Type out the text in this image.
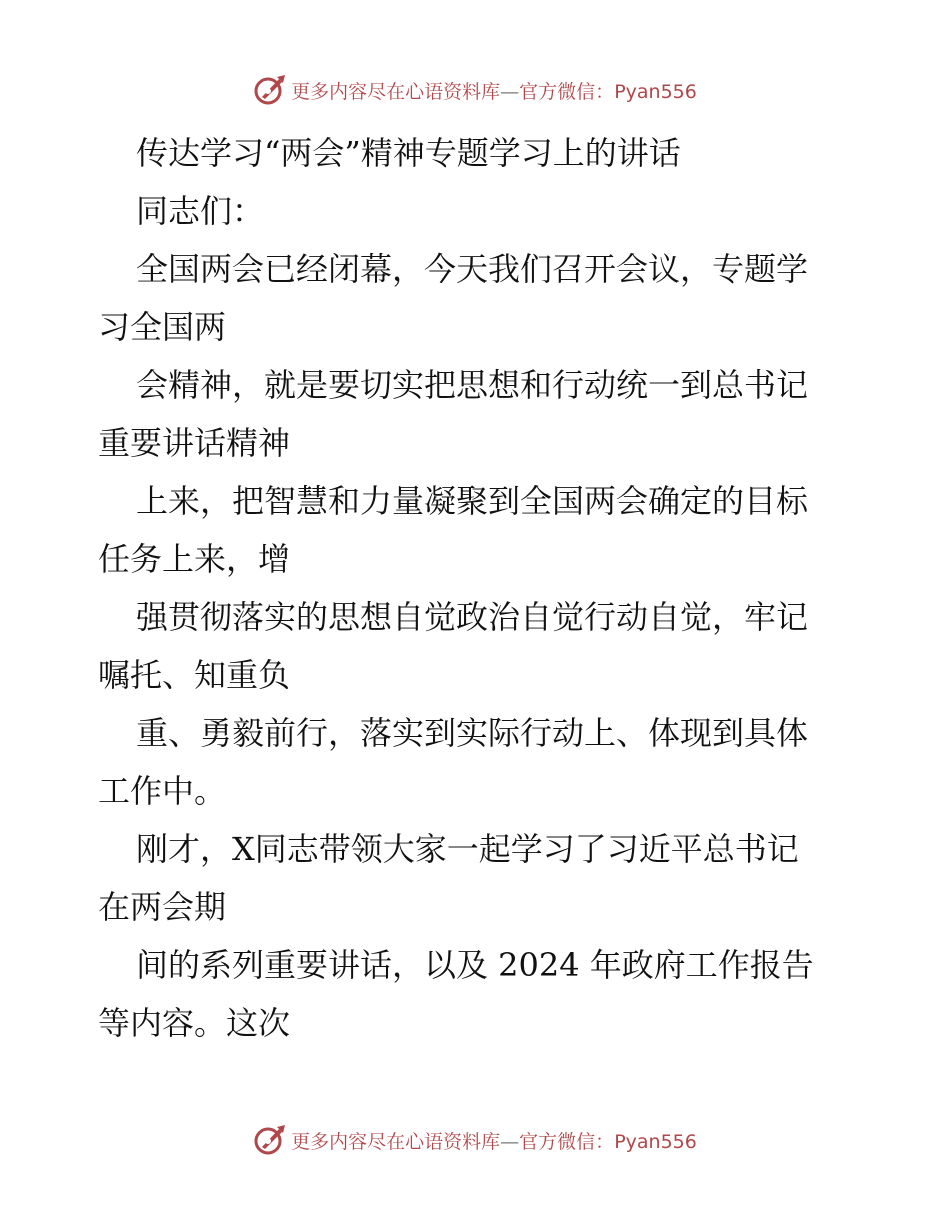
更多内容尽在心语资料库—官方微信：Pyan556
传达学习“两会”精神专题学习上的讲话
同志们：
全国两会已经闭幕，今天我们召开会议，专题学
习全国两
会精神，就是要切实把思想和行动统一到总书记
重要讲话精神
上来，把智慧和力量凝聚到全国两会确定的目标
任务上来，增
强贯彻落实的思想自觉政治自觉行动自觉，牢记
嘱托、知重负
重、勇毅前行，落实到实际行动上、体现到具体
工作中。
刚才，X同志带领大家一起学习了习近平总书记
在两会期
间的系列重要讲话，以及 2024 年政府工作报告
等内容。这次
更多内容尽在心语资料库—官方微信：Pyan556
